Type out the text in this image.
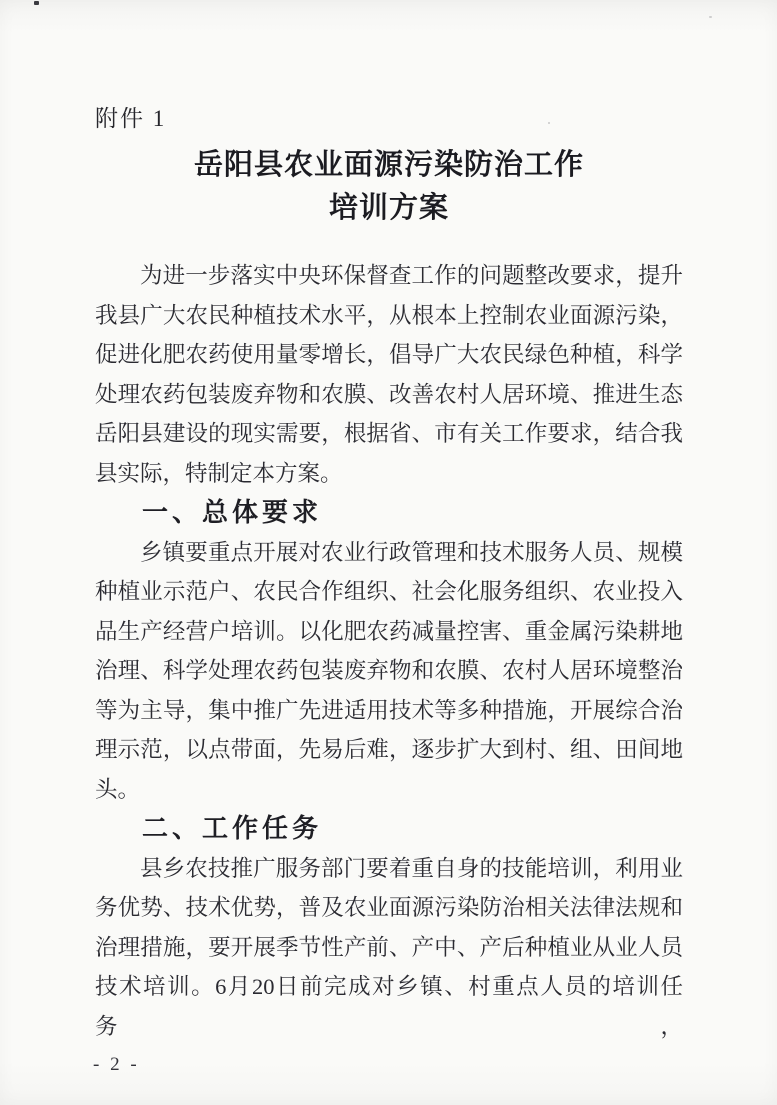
附件 1
岳阳县农业面源污染防治工作
培训方案
为进一步落实中央环保督查工作的问题整改要求，提升
我县广大农民种植技术水平，从根本上控制农业面源污染，
促进化肥农药使用量零增长，倡导广大农民绿色种植，科学
处理农药包装废弃物和农膜、改善农村人居环境、推进生态
岳阳县建设的现实需要，根据省、市有关工作要求，结合我
县实际，特制定本方案。
一、总体要求
乡镇要重点开展对农业行政管理和技术服务人员、规模
种植业示范户、农民合作组织、社会化服务组织、农业投入
品生产经营户培训。以化肥农药减量控害、重金属污染耕地
治理、科学处理农药包装废弃物和农膜、农村人居环境整治
等为主导，集中推广先进适用技术等多种措施，开展综合治
理示范，以点带面，先易后难，逐步扩大到村、组、田间地
头。
二、工作任务
县乡农技推广服务部门要着重自身的技能培训，利用业
务优势、技术优势，普及农业面源污染防治相关法律法规和
治理措施，要开展季节性产前、产中、产后种植业从业人员
技术培训。6月20日前完成对乡镇、村重点人员的培训任务，
- 2 -
